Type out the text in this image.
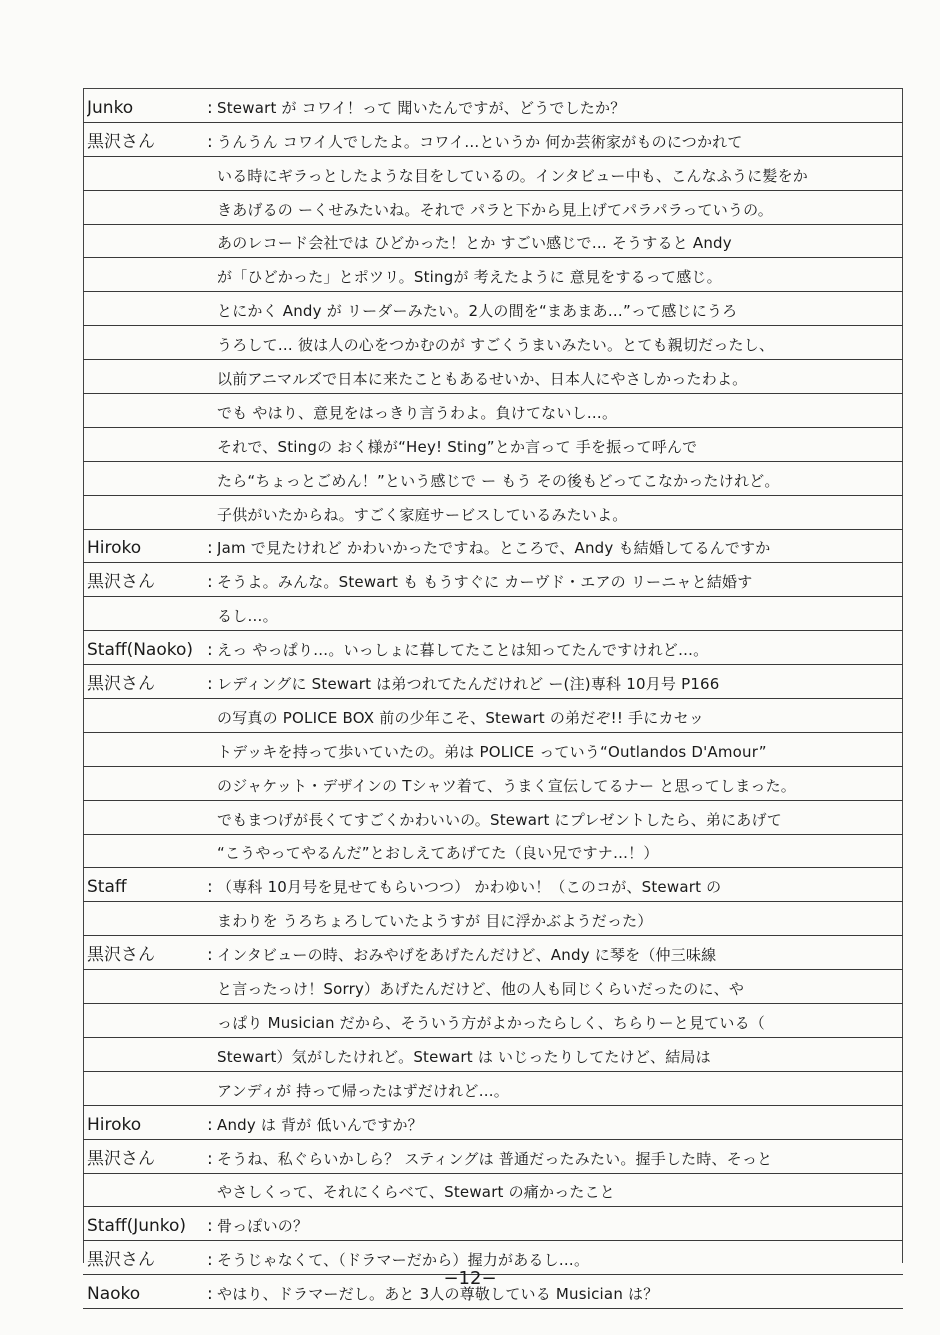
Junko	: Stewart が コワイ！って 聞いたんですが、どうでしたか？
黒沢さん	: うんうん コワイ人でしたよ。コワイ…というか 何か芸術家がものにつかれて
いる時にギラっとしたような目をしているの。インタビュー中も、こんなふうに髪をか
きあげるの ーくせみたいね。それで パラと下から見上げてパラパラっていうの。
あのレコード会社では ひどかった！とか すごい感じで… そうすると Andy
が「ひどかった」とポツリ。Stingが 考えたように 意見をするって感じ。
とにかく Andy が リーダーみたい。2人の間を“まあまあ…”って感じにうろ
うろして… 彼は人の心をつかむのが すごくうまいみたい。とても親切だったし、
以前アニマルズで日本に来たこともあるせいか、日本人にやさしかったわよ。
でも やはり、意見をはっきり言うわよ。負けてないし…。
それで、Stingの おく様が“Hey! Sting”とか言って 手を振って呼んで
たら“ちょっとごめん！”という感じで ー もう その後もどってこなかったけれど。
子供がいたからね。すごく家庭サービスしているみたいよ。
Hiroko	: Jam で見たけれど かわいかったですね。ところで、Andy も結婚してるんですか
黒沢さん	: そうよ。みんな。Stewart も もうすぐに カーヴド・エアの リーニャと結婚す
るし…。
Staff(Naoko) : えっ やっぱり…。いっしょに暮してたことは知ってたんですけれど…。
黒沢さん	: レディングに Stewart は弟つれてたんだけれど ー(注)専科 10月号 P166
の写真の POLICE BOX 前の少年こそ、Stewart の弟だぞ!! 手にカセッ
トデッキを持って歩いていたの。弟は POLICE っていう“Outlandos D'Amour”
のジャケット・デザインの Tシャツ着て、うまく宣伝してるナー と思ってしまった。
でもまつげが長くてすごくかわいいの。Stewart にプレゼントしたら、弟にあげて
“こうやってやるんだ”とおしえてあげてた（良い兄ですナ…！）
Staff	: （専科 10月号を見せてもらいつつ） かわゆい！（このコが、Stewart の
まわりを うろちょろしていたようすが 目に浮かぶようだった）
黒沢さん	: インタビューの時、おみやげをあげたんだけど、Andy に琴を（仲三味線
と言ったっけ！Sorry）あげたんだけど、他の人も同じくらいだったのに、や
っぱり Musician だから、そういう方がよかったらしく、ちらりーと見ている（
Stewart）気がしたけれど。Stewart は いじったりしてたけど、結局は
アンディが 持って帰ったはずだけれど…。
Hiroko	: Andy は 背が 低いんですか？
黒沢さん	: そうね、私ぐらいかしら？ スティングは 普通だったみたい。握手した時、そっと
やさしくって、それにくらべて、Stewart の痛かったこと
Staff(Junko)	: 骨っぽいの？
黒沢さん	: そうじゃなくて、（ドラマーだから）握力があるし…。
Naoko	: やはり、ドラマーだし。あと 3人の尊敬している Musician は？
−12−
